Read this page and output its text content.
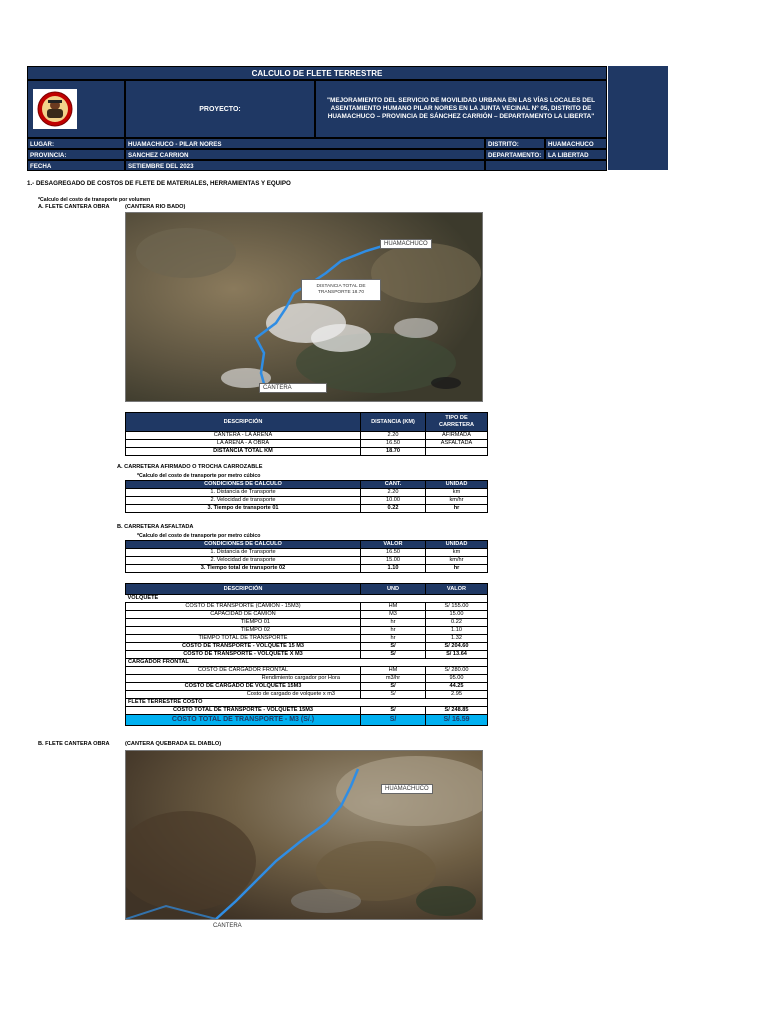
CALCULO DE FLETE TERRESTRE
PROYECTO:
"MEJORAMIENTO DEL SERVICIO DE MOVILIDAD URBANA EN LAS VÍAS LOCALES DEL ASENTAMIENTO HUMANO PILAR NORES EN LA JUNTA VECINAL Nº 05, DISTRITO DE HUAMACHUCO – PROVINCIA DE SÁNCHEZ CARRIÓN – DEPARTAMENTO LA LIBERTA"
LUGAR:	HUAMACHUCO - PILAR NORES	DISTRITO:	HUAMACHUCO
PROVINCIA:	SANCHEZ CARRION	DEPARTAMENTO:	LA LIBERTAD
FECHA	SETIEMBRE DEL 2023
1.- DESAGREGADO DE COSTOS DE FLETE DE MATERIALES, HERRAMIENTAS Y EQUIPO
*Calculo del costo de transporte por volumen
A. FLETE CANTERA OBRA	(CANTERA RIO BADO)
HUAMACHUCO
DISTANCIA TOTAL DE TRANSPORTE 18.70
CANTERA
DESCRIPCIÓN	DISTANCIA (KM)	TIPO DE CARRETERA
CANTERA - LA ARENA	2.20	AFIRMADA
LA ARENA - A OBRA	16.50	ASFALTADA
DISTANCIA TOTAL KM	18.70	
A. CARRETERA AFIRMADO O TROCHA CARROZABLE
*Calculo del costo de transporte por metro cúbico
CONDICIONES DE CALCULO	CANT.	UNIDAD
1. Distancia de Transporte	2.20	km
2. Velocidad de transporte	10.00	km/hr
3. Tiempo de transporte 01	0.22	hr
B. CARRETERA ASFALTADA
*Calculo del costo de transporte por metro cúbico
CONDICIONES DE CALCULO	VALOR	UNIDAD
1. Distancia de Transporte	16.50	km
2. Velocidad de transporte	15.00	km/hr
3. Tiempo total de transporte 02	1.10	hr
DESCRIPCIÓN	UND	VALOR
VOLQUETE		
COSTO DE TRANSPORTE (CAMION - 15M3)	HM	S/ 155.00
CAPACIDAD DE CAMION	M3	15.00
TIEMPO 01	hr	0.22
TIEMPO 02	hr	1.10
TIEMPO TOTAL DE TRANSPORTE	hr	1.32
COSTO DE TRANSPORTE - VOLQUETE 15 M3	S/	S/ 204.60
COSTO DE TRANSPORTE - VOLQUETE X M3	S/	S/ 13.64
CARGADOR FRONTAL		
COSTO DE CARGADOR FRONTAL	HM	S/ 280.00
Rendimiento cargador por Hora	m3/hr	95.00
COSTO DE CARGADO DE VOLQUETE 15M3	S/	44.25
Costo de cargado de volquete x m3	S/	2.95
FLETE TERRESTRE COSTO		
COSTO TOTAL DE TRANSPORTE - VOLQUETE 15M3	S/	S/ 248.85
COSTO TOTAL DE TRANSPORTE - M3 (S/.)	S/	S/ 16.59
B. FLETE CANTERA OBRA	(CANTERA QUEBRADA EL DIABLO)
HUAMACHUCO
CANTERA
